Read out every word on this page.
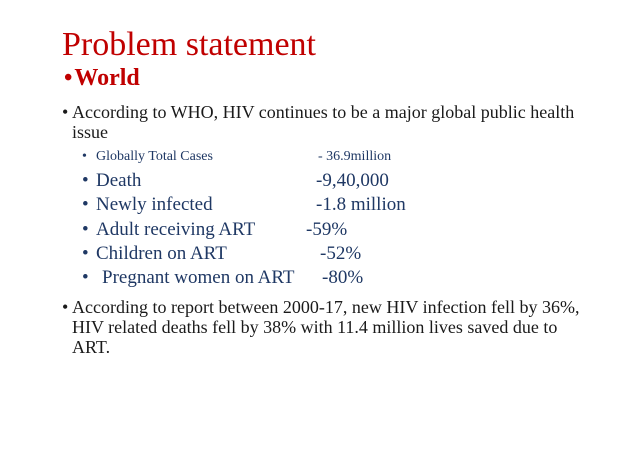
Problem statement
•World
• According to WHO, HIV continues to be a major global public health issue
• Globally Total Cases	- 36.9million
• Death	-9,40,000
• Newly infected	-1.8 million
• Adult receiving ART	-59%
• Children on ART	-52%
• Pregnant women on ART -80%
• According to report between 2000-17, new HIV infection fell by 36%, HIV related deaths fell by 38% with 11.4 million lives saved due to ART.
